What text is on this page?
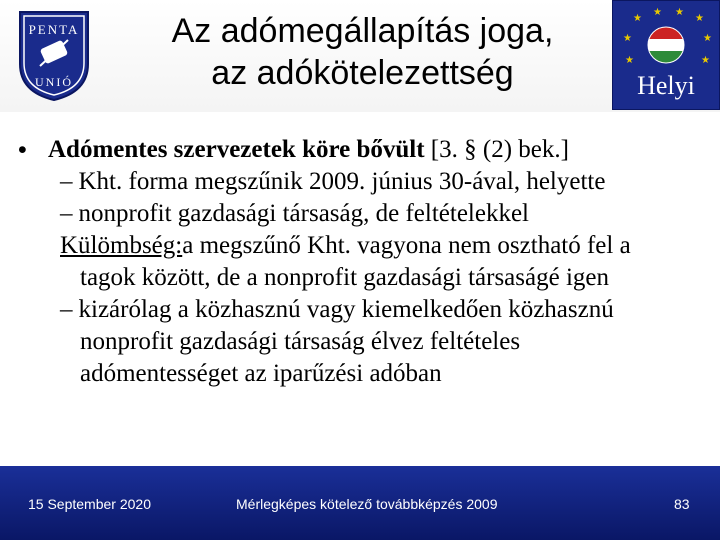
PENTA
UNIÓ
Az adómegállapítás joga,
az adókötelezettség
★
★ ★
★
★	★
★	★
Helyi
• Adómentes szervezetek köre bővült [3. § (2) bek.]
– Kht. forma megszűnik 2009. június 30-ával, helyette
– nonprofit gazdasági társaság, de feltételekkel
Külömbség:a megszűnő Kht. vagyona nem osztható fel a
tagok között, de a nonprofit gazdasági társaságé igen
– kizárólag a közhasznú vagy kiemelkedően közhasznú
nonprofit gazdasági társaság élvez feltételes
adómentességet az iparűzési adóban
15 September 2020	Mérlegképes kötelező továbbképzés 2009	83
